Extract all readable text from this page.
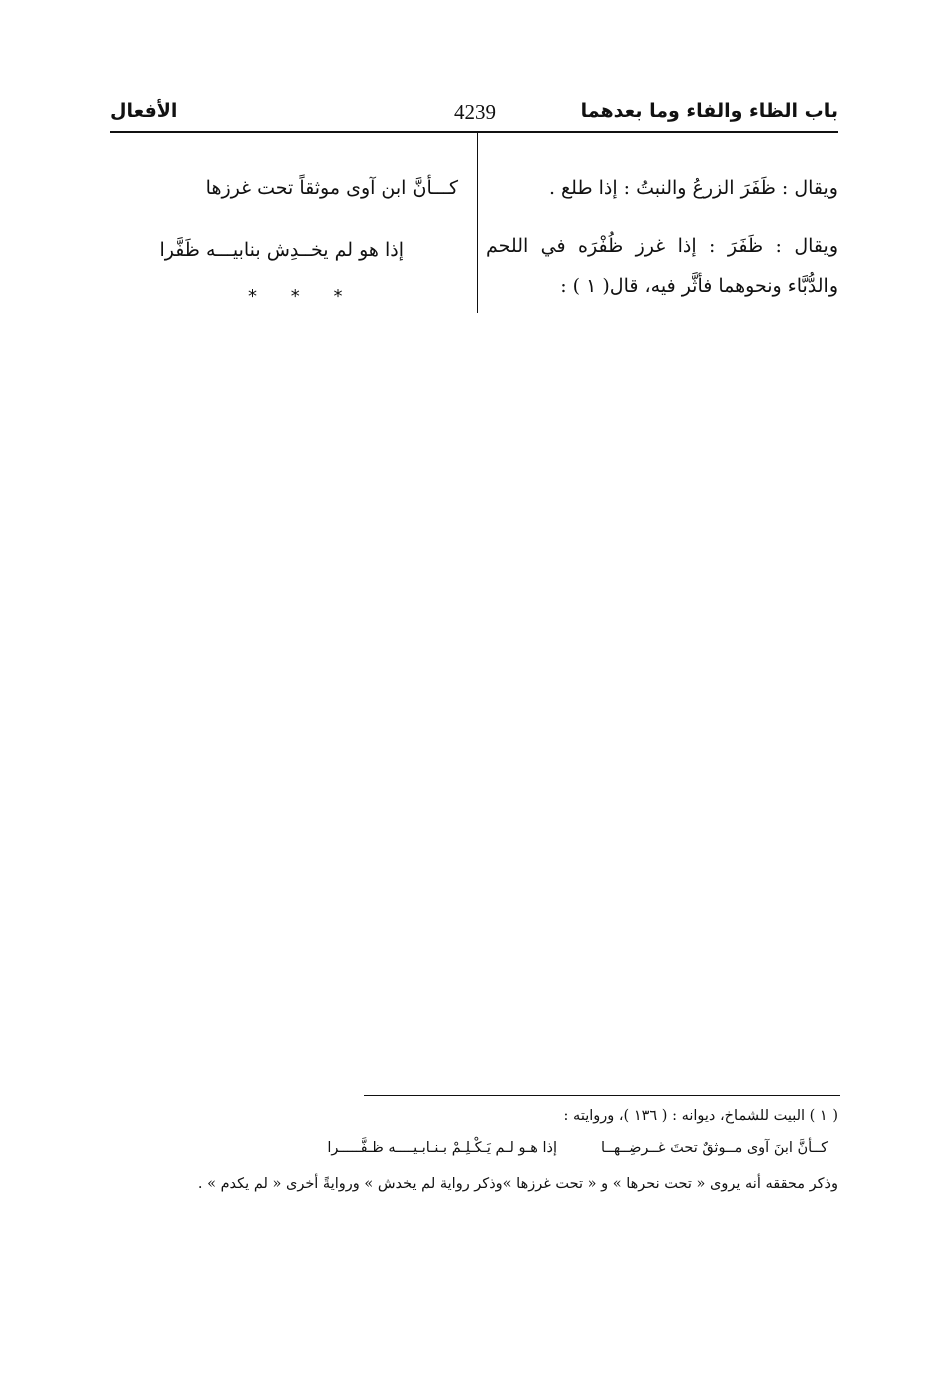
باب الظاء والفاء وما بعدهما
4239
الأفعال

ويقال : ظَفَرَ الزرعُ والنبتُ : إذا طلع .

ويقال : ظَفَرَ : إذا غرز ظُفْرَه في اللحم والدُّبَّاء ونحوهما فأثَّر فيه، قال( ١ ) :

كـــأنَّ ابن آوى موثقاً تحت غرزها
إذا هو لم يخــدِش بنابيـــه ظَفَّرا
* * *
( ١ ) البيت للشماخ، ديوانه : ( ١٣٦ )، وروايته :
كــأنَّ ابنَ آوى مــوثقٌ تحتَ غــرضِــهــاإذا هـو لـم يَـكْـلِـمْ بـنـابـيــــه ظـفَّـــــرا
وذكر محققه أنه يروى « تحت نحرها » و « تحت غرزها »وذكر رواية لم يخدش » وروايةً أخرى « لم يكدم » .
